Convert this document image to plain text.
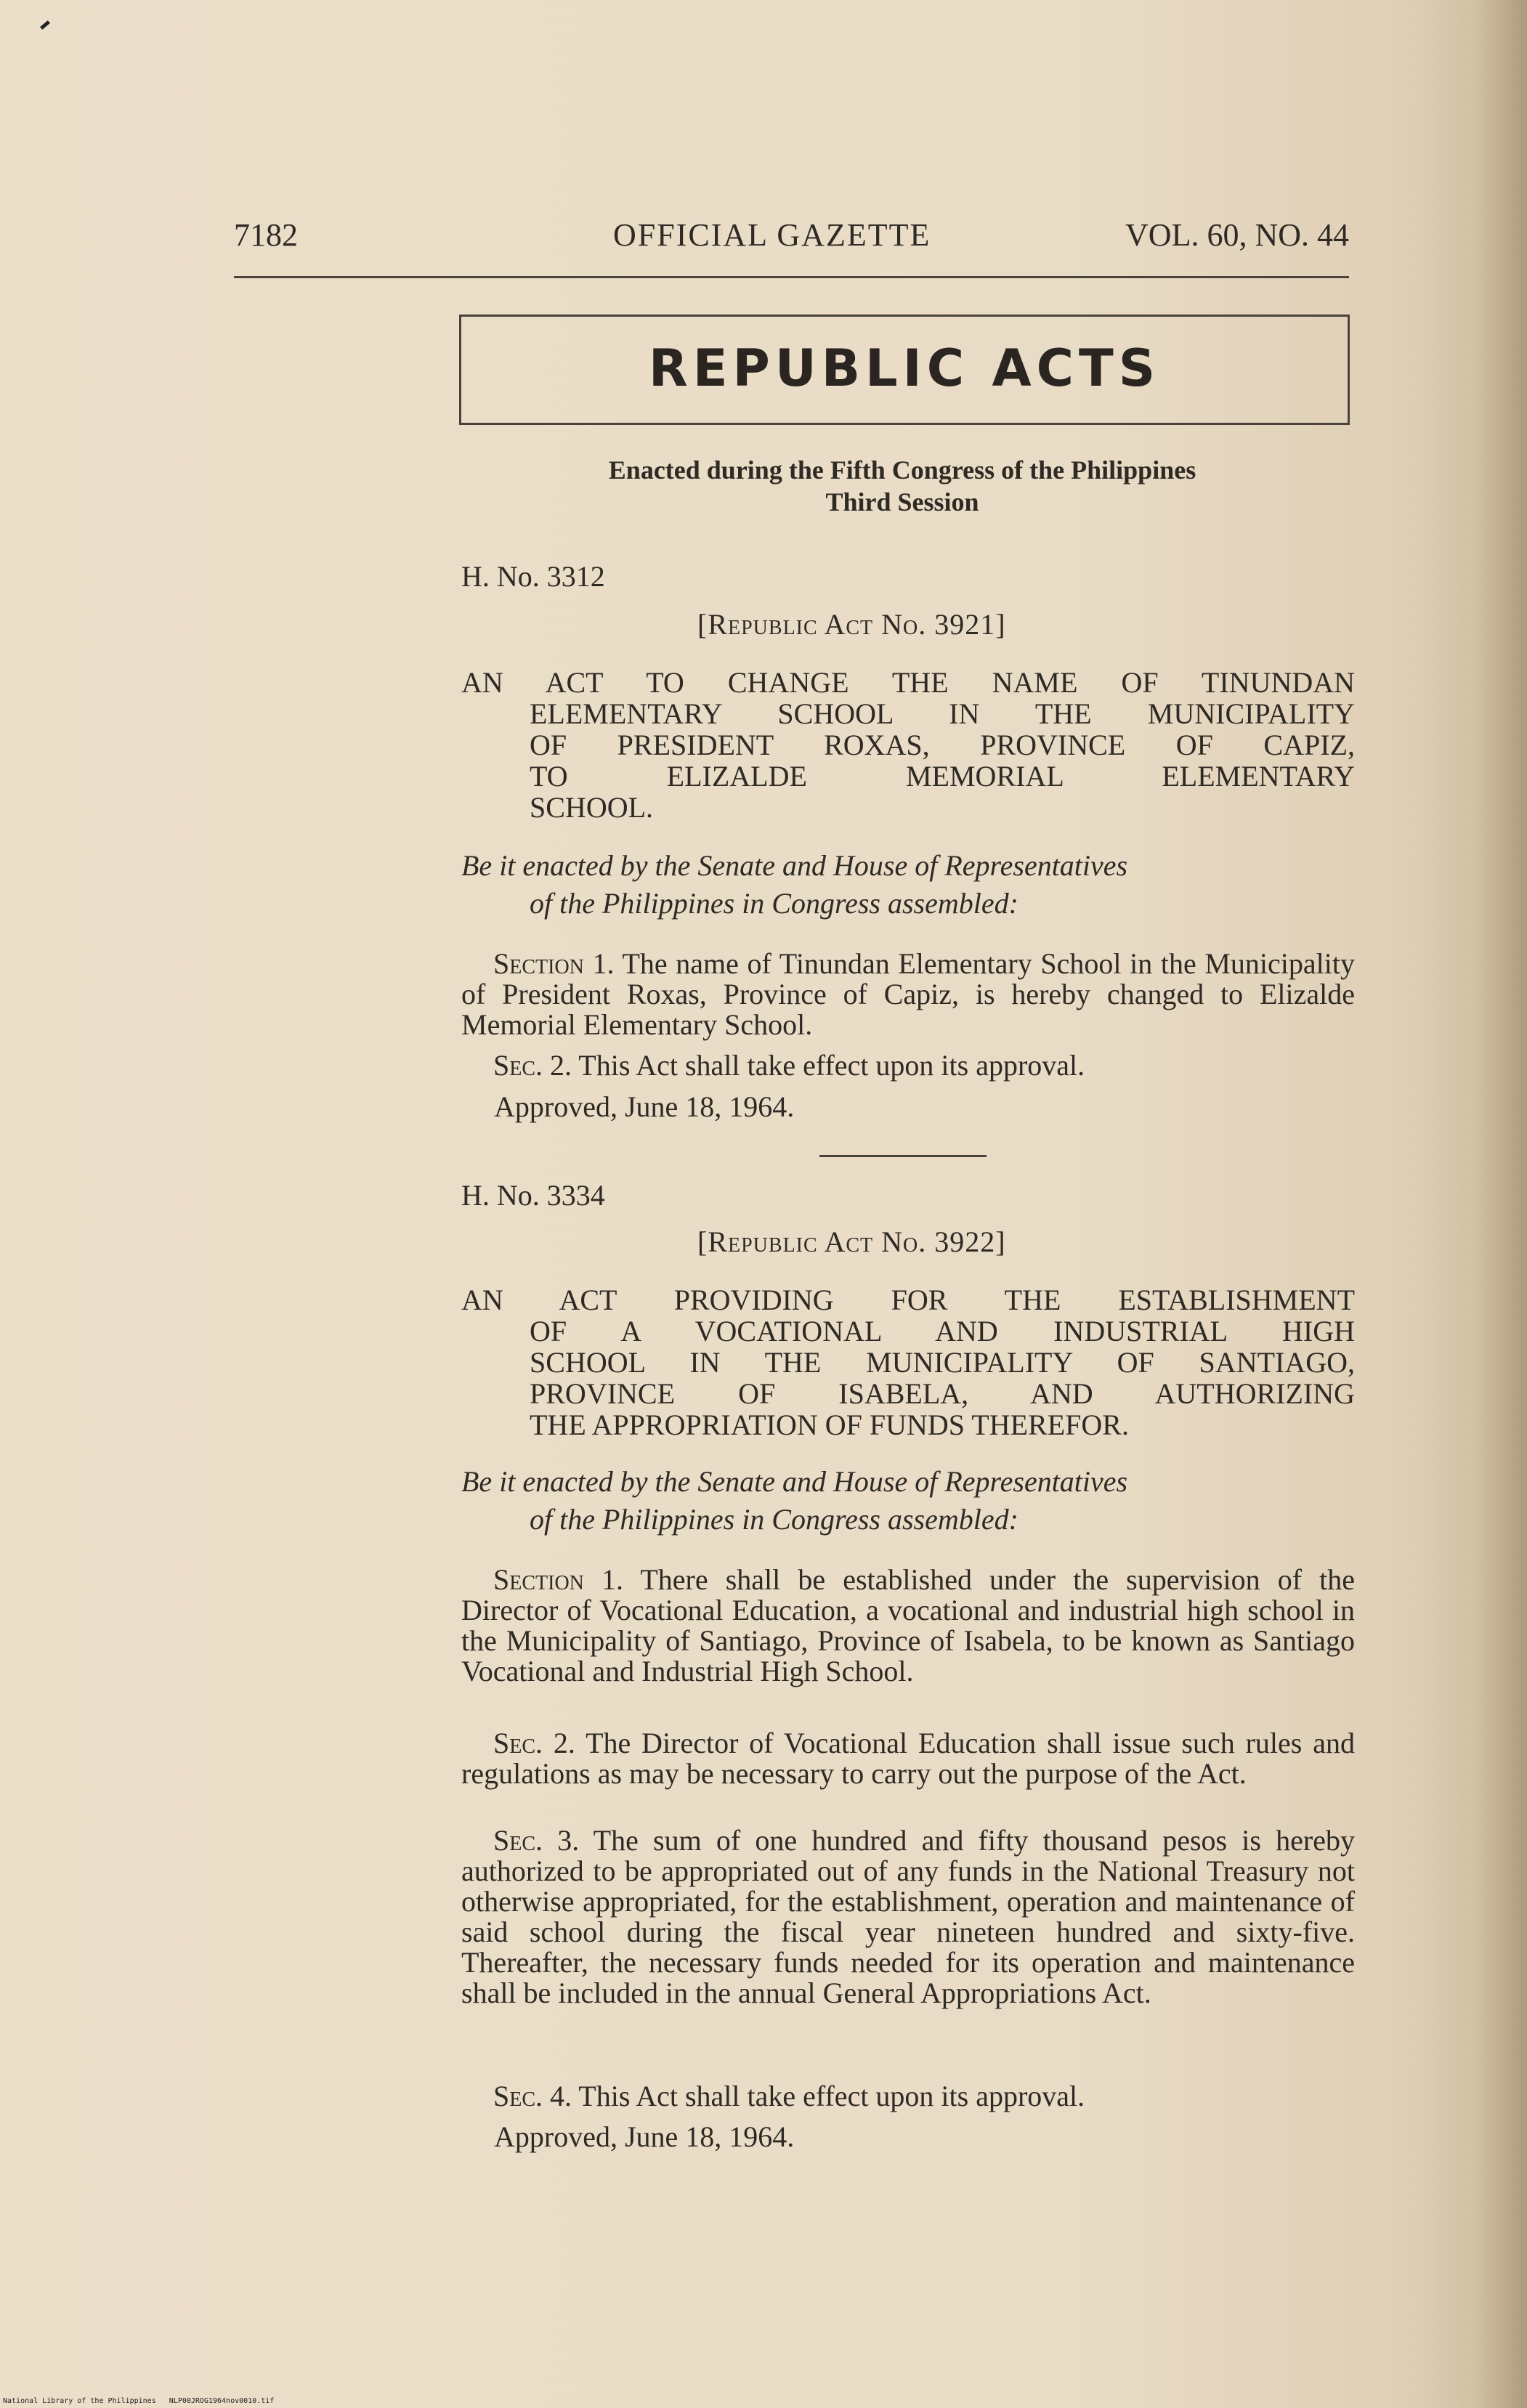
7182	OFFICIAL GAZETTE	VOL. 60, NO. 44
REPUBLIC ACTS
Enacted during the Fifth Congress of the Philippines
Third Session
H. No. 3312
[Republic Act No. 3921]
AN ACT TO CHANGE THE NAME OF TINUNDAN
ELEMENTARY SCHOOL IN THE MUNICIPALITY
OF PRESIDENT ROXAS, PROVINCE OF CAPIZ,
TO ELIZALDE MEMORIAL ELEMENTARY
SCHOOL.
Be it enacted by the Senate and House of Representatives
of the Philippines in Congress assembled:
Section 1. The name of Tinundan Elementary School in the Municipality of President Roxas, Province of Capiz, is hereby changed to Elizalde Memorial Elementary School.
Sec. 2. This Act shall take effect upon its approval.
Approved, June 18, 1964.
H. No. 3334
[Republic Act No. 3922]
AN ACT PROVIDING FOR THE ESTABLISHMENT
OF A VOCATIONAL AND INDUSTRIAL HIGH
SCHOOL IN THE MUNICIPALITY OF SANTIAGO,
PROVINCE OF ISABELA, AND AUTHORIZING
THE APPROPRIATION OF FUNDS THEREFOR.
Be it enacted by the Senate and House of Representatives
of the Philippines in Congress assembled:
Section 1. There shall be established under the supervision of the Director of Vocational Education, a vocational and industrial high school in the Municipality of Santiago, Province of Isabela, to be known as Santiago Vocational and Industrial High School.
Sec. 2. The Director of Vocational Education shall issue such rules and regulations as may be necessary to carry out the purpose of the Act.
Sec. 3. The sum of one hundred and fifty thousand pesos is hereby authorized to be appropriated out of any funds in the National Treasury not otherwise appropriated, for the establishment, operation and maintenance of said school during the fiscal year nineteen hundred and sixty-five. Thereafter, the necessary funds needed for its operation and maintenance shall be included in the annual General Appropriations Act.
Sec. 4. This Act shall take effect upon its approval.
Approved, June 18, 1964.
National Library of the Philippines NLP00JROG1964nov0010.tif
